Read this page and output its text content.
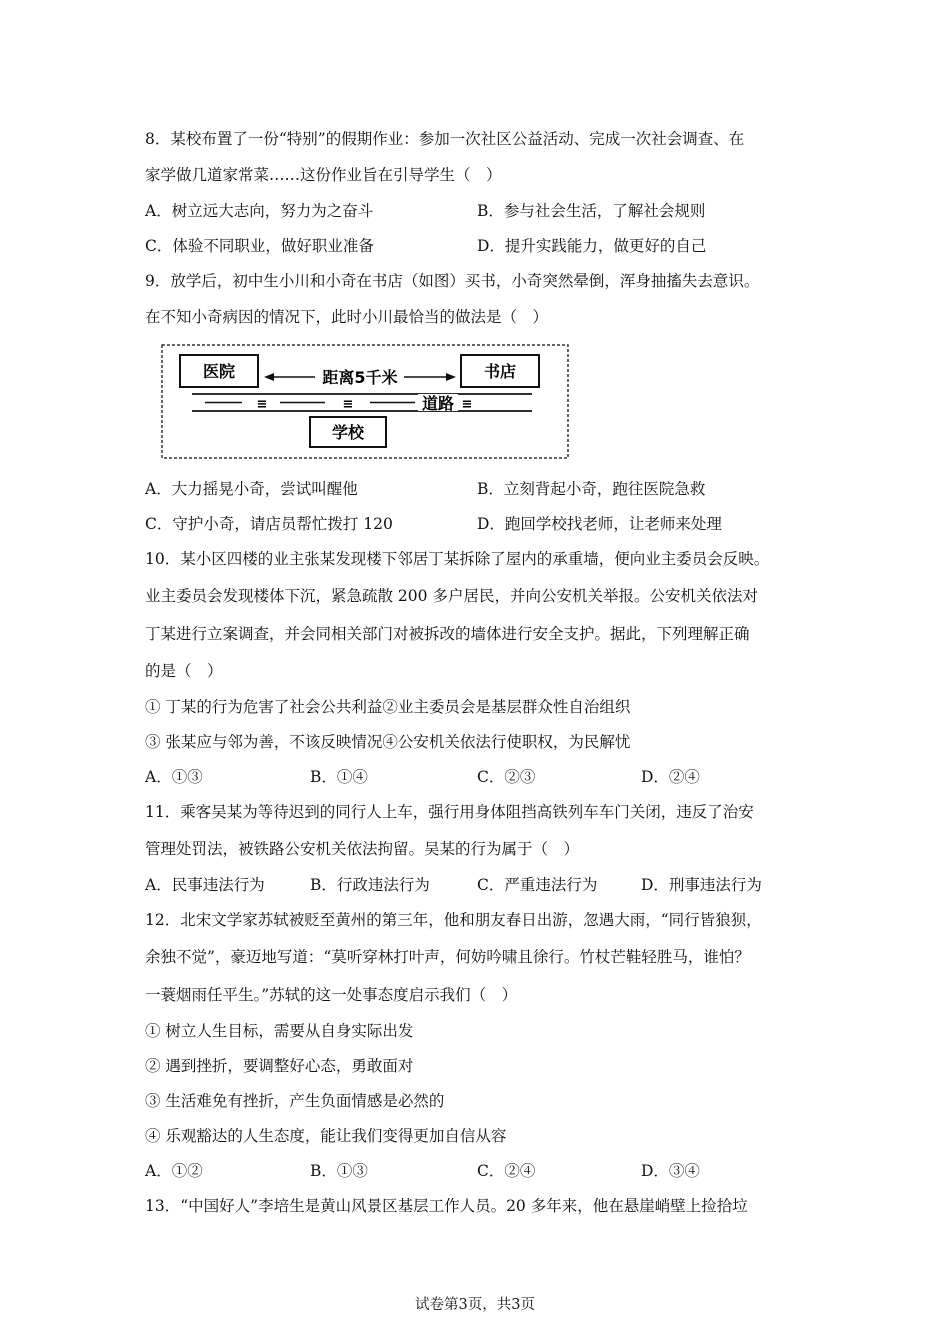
8．某校布置了一份“特别”的假期作业：参加一次社区公益活动、完成一次社会调查、在
家学做几道家常菜……这份作业旨在引导学生（　）
A．树立远大志向，努力为之奋斗	B．参与社会生活，了解社会规则
C．体验不同职业，做好职业准备	D．提升实践能力，做更好的自己
9．放学后，初中生小川和小奇在书店（如图）买书，小奇突然晕倒，浑身抽搐失去意识。
在不知小奇病因的情况下，此时小川最恰当的做法是（　）
医院	书店
距离5千米
≡	≡	≡
道路
学校
A．大力摇晃小奇，尝试叫醒他	B．立刻背起小奇，跑往医院急救
C．守护小奇，请店员帮忙拨打 120	D．跑回学校找老师，让老师来处理
10．某小区四楼的业主张某发现楼下邻居丁某拆除了屋内的承重墙，便向业主委员会反映。
业主委员会发现楼体下沉，紧急疏散 200 多户居民，并向公安机关举报。公安机关依法对
丁某进行立案调查，并会同相关部门对被拆改的墙体进行安全支护。据此，下列理解正确
的是（　）
① 丁某的行为危害了社会公共利益②业主委员会是基层群众性自治组织
③ 张某应与邻为善，不该反映情况④公安机关依法行使职权，为民解忧
A．①③	B．①④	C．②③	D．②④
11．乘客吴某为等待迟到的同行人上车，强行用身体阻挡高铁列车车门关闭，违反了治安
管理处罚法，被铁路公安机关依法拘留。吴某的行为属于（　）
A．民事违法行为	B．行政违法行为	C．严重违法行为	D．刑事违法行为
12．北宋文学家苏轼被贬至黄州的第三年，他和朋友春日出游，忽遇大雨，“同行皆狼狈，
余独不觉”，豪迈地写道：“莫听穿林打叶声，何妨吟啸且徐行。竹杖芒鞋轻胜马，谁怕？
一蓑烟雨任平生。”苏轼的这一处事态度启示我们（　）
① 树立人生目标，需要从自身实际出发
② 遇到挫折，要调整好心态，勇敢面对
③ 生活难免有挫折，产生负面情感是必然的
④ 乐观豁达的人生态度，能让我们变得更加自信从容
A．①②	B．①③	C．②④	D．③④
13．“中国好人”李培生是黄山风景区基层工作人员。20 多年来，他在悬崖峭壁上捡拾垃
试卷第3页，共3页
